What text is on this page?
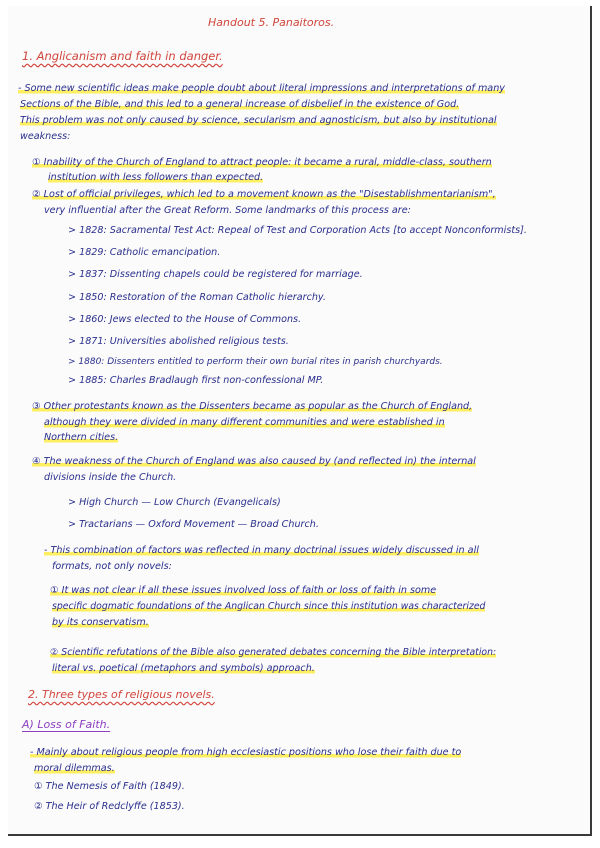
Handout 5. Panaitoros.
1. Anglicanism and faith in danger.
- Some new scientific ideas make people doubt about literal impressions and interpretations of many
Sections of the Bible, and this led to a general increase of disbelief in the existence of God.
This problem was not only caused by science, secularism and agnosticism, but also by institutional
weakness:
① Inability of the Church of England to attract people: it became a rural, middle-class, southern
institution with less followers than expected.
② Lost of official privileges, which led to a movement known as the "Disestablishmentarianism",
very influential after the Great Reform. Some landmarks of this process are:
> 1828: Sacramental Test Act: Repeal of Test and Corporation Acts [to accept Nonconformists].
> 1829: Catholic emancipation.
> 1837: Dissenting chapels could be registered for marriage.
> 1850: Restoration of the Roman Catholic hierarchy.
> 1860: Jews elected to the House of Commons.
> 1871: Universities abolished religious tests.
> 1880: Dissenters entitled to perform their own burial rites in parish churchyards.
> 1885: Charles Bradlaugh first non-confessional MP.
③ Other protestants known as the Dissenters became as popular as the Church of England,
although they were divided in many different communities and were established in
Northern cities.
④ The weakness of the Church of England was also caused by (and reflected in) the internal
divisions inside the Church.
> High Church — Low Church (Evangelicals)
> Tractarians — Oxford Movement — Broad Church.
- This combination of factors was reflected in many doctrinal issues widely discussed in all
formats, not only novels:
① It was not clear if all these issues involved loss of faith or loss of faith in some
specific dogmatic foundations of the Anglican Church since this institution was characterized
by its conservatism.
② Scientific refutations of the Bible also generated debates concerning the Bible interpretation:
literal vs. poetical (metaphors and symbols) approach.
2. Three types of religious novels.
A) Loss of Faith.
- Mainly about religious people from high ecclesiastic positions who lose their faith due to
moral dilemmas.
① The Nemesis of Faith (1849).
② The Heir of Redclyffe (1853).
